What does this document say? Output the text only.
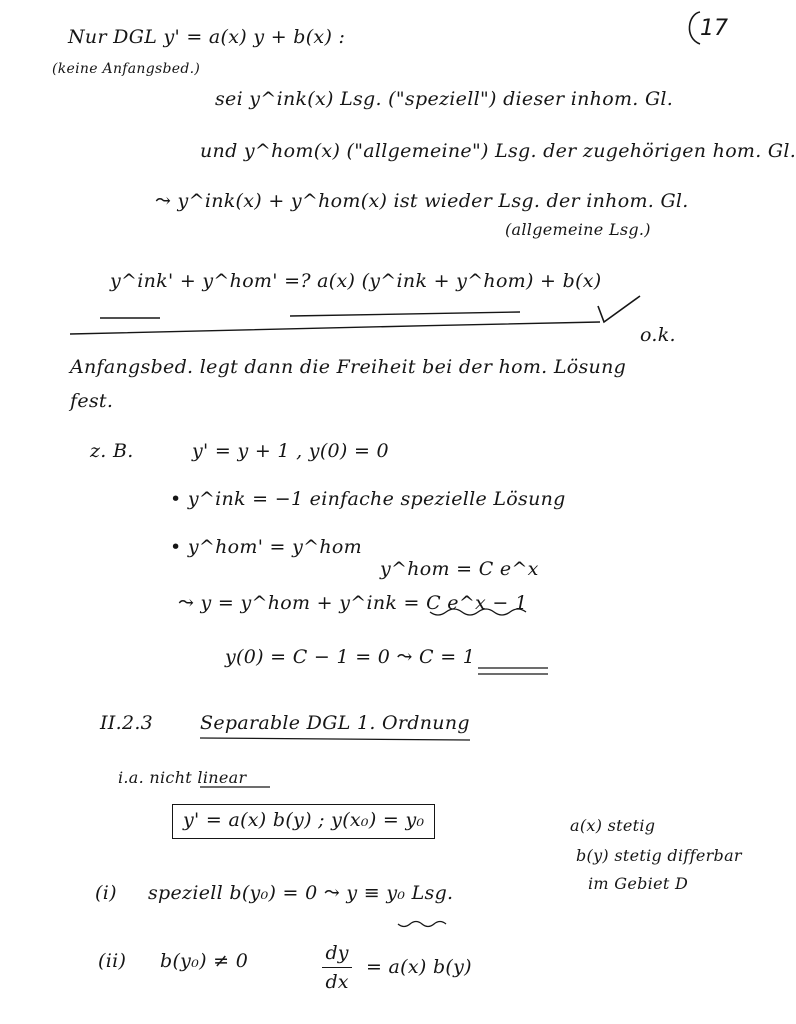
17
Nur DGL y' = a(x) y + b(x) :
(keine Anfangsbed.)
sei y^ink(x) Lsg. ("speziell") dieser inhom. Gl.
und y^hom(x) ("allgemeine") Lsg. der zugehörigen hom. Gl.
⤳ y^ink(x) + y^hom(x) ist wieder Lsg. der inhom. Gl.
(allgemeine Lsg.)
y^ink' + y^hom' =? a(x) (y^ink + y^hom) + b(x)
o.k.
Anfangsbed. legt dann die Freiheit bei der hom. Lösung
fest.
z. B.	y' = y + 1 , y(0) = 0
• y^ink = −1 einfache spezielle Lösung
• y^hom' = y^hom
y^hom = C e^x
⤳ y = y^hom + y^ink = C e^x − 1
y(0) = C − 1 = 0 ⤳ C = 1
II.2.3 Separable DGL 1. Ordnung
i.a. nicht linear
y' = a(x) b(y) ; y(x₀) = y₀	a(x) stetig
b(y) stetig differbar
im Gebiet D
(i) speziell b(y₀) = 0 ⤳ y ≡ y₀ Lsg.
(ii) b(y₀) ≠ 0	dy
dx
= a(x) b(y)
